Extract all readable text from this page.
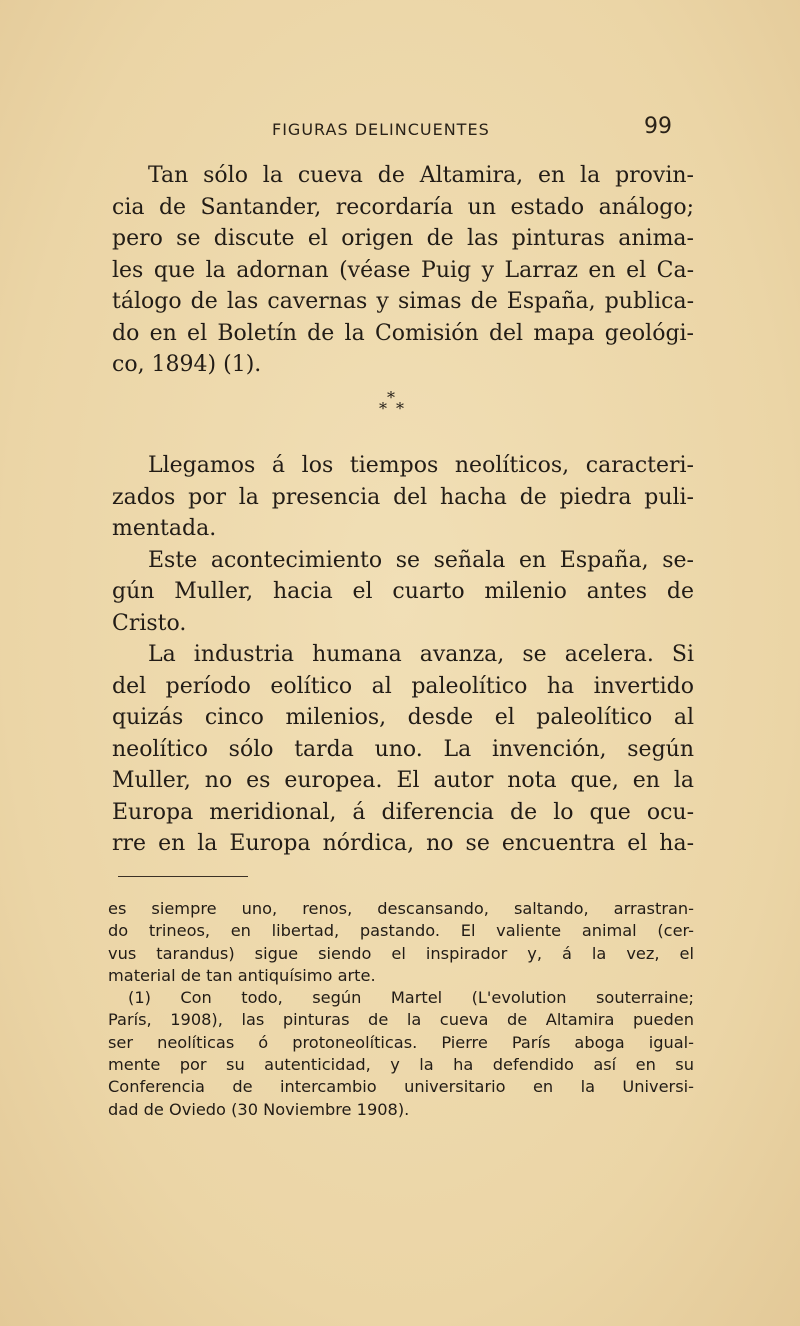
FIGURAS DELINCUENTES	99
Tan sólo la cueva de Altamira, en la provin-
cia de Santander, recordaría un estado análogo;
pero se discute el origen de las pinturas anima-
les que la adornan (véase Puig y Larraz en el Ca-
tálogo de las cavernas y simas de España, publica-
do en el Boletín de la Comisión del mapa geológi-
co, 1894) (1).
*
* *
Llegamos á los tiempos neolíticos, caracteri-
zados por la presencia del hacha de piedra puli-
mentada.
Este acontecimiento se señala en España, se-
gún Muller, hacia el cuarto milenio antes de
Cristo.
La industria humana avanza, se acelera. Si
del período eolítico al paleolítico ha invertido
quizás cinco milenios, desde el paleolítico al
neolítico sólo tarda uno. La invención, según
Muller, no es europea. El autor nota que, en la
Europa meridional, á diferencia de lo que ocu-
rre en la Europa nórdica, no se encuentra el ha-
es siempre uno, renos, descansando, saltando, arrastran-
do trineos, en libertad, pastando. El valiente animal (cer-
vus tarandus) sigue siendo el inspirador y, á la vez, el
material de tan antiquísimo arte.
(1) Con todo, según Martel (L'evolution souterraine;
París, 1908), las pinturas de la cueva de Altamira pueden
ser neolíticas ó protoneolíticas. Pierre París aboga igual-
mente por su autenticidad, y la ha defendido así en su
Conferencia de intercambio universitario en la Universi-
dad de Oviedo (30 Noviembre 1908).
